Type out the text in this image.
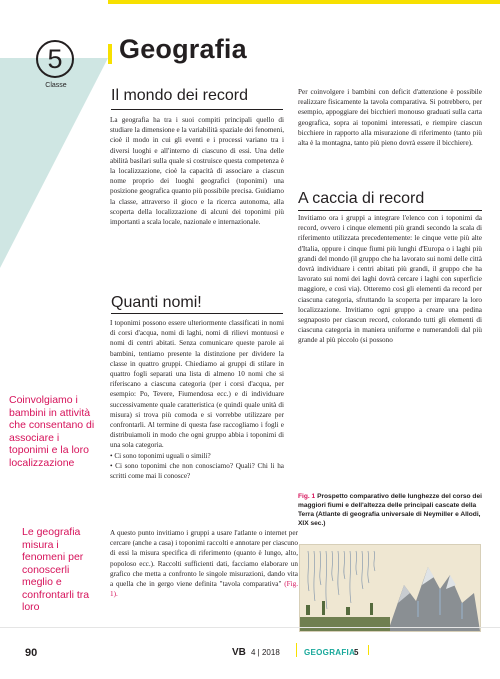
5
Classe
Coinvolgiamo i bambini in attività che consentano di associare i toponimi e la loro localizzazione
Le geografia misura i fenomeni per conoscerli meglio e confrontarli tra loro
Geografia
Il mondo dei record

La geografia ha tra i suoi compiti principali quello di studiare la dimensione e la variabilità spaziale dei fenomeni, cioè il modo in cui gli eventi e i processi variano tra i diversi luoghi e all'interno di ciascuno di essi. Una delle abilità basilari sulla quale si costruisce questa competenza è la localizzazione, cioè la capacità di associare a ciascun nome proprio dei luoghi geografici (toponimi) una posizione geografica quanto più possibile precisa. Guidiamo la classe, attraverso il gioco e la ricerca autonoma, alla scoperta della localizzazione di alcuni dei toponimi più importanti a scala locale, nazionale e internazionale.

Quanti nomi!

I toponimi possono essere ulteriormente classificati in nomi di corsi d'acqua, nomi di laghi, nomi di rilievi montuosi e nomi di centri abitati. Senza comunicare queste parole ai bambini, tentiamo presente la distinzione per dividere la classe in quattro gruppi. Chiediamo ai gruppi di stilare in quattro fogli separati una lista di almeno 10 nomi che si riferiscano a ciascuna categoria (per i corsi d'acqua, per esempio: Po, Tevere, Fiumendosa ecc.) e di individuare successivamente quale caratteristica (e quindi quale unità di misura) si trova più comoda e si vorrebbe utilizzare per confrontarli. Al termine di questa fase raccogliamo i fogli e distribuiamoli in modo che ogni gruppo abbia i toponimi di una sola categoria.

• Ci sono toponimi uguali o simili?

• Ci sono toponimi che non conosciamo? Quali? Chi li ha scritti come mai li conosce?

A questo punto invitiamo i gruppi a usare l'atlante o internet per cercare (anche a casa) i toponimi raccolti e annotare per ciascuno di essi la misura specifica di riferimento (quanto è lungo, alto, popoloso ecc.). Raccolti sufficienti dati, facciamo elaborare un grafico che metta a confronto le singole misurazioni, dando vita a quella che in gergo viene definita "tavola comparativa" (Fig. 1).

Per coinvolgere i bambini con deficit d'attenzione è possibile realizzare fisicamente la tavola comparativa. Si potrebbero, per esempio, appoggiare dei bicchieri monouso graduati sulla carta geografica, sopra ai toponimi interessati, e riempire ciascun bicchiere in rapporto alla misurazione di riferimento (tanto più alta è la montagna, tanto più pieno dovrà essere il bicchiere).

A caccia di record

Invitiamo ora i gruppi a integrare l'elenco con i toponimi da record, ovvero i cinque elementi più grandi secondo la scala di riferimento utilizzata precedentemente: le cinque vette più alte d'Italia, oppure i cinque fiumi più lunghi d'Europa o i laghi più grandi del mondo (il gruppo che ha lavorato sui nomi delle città dovrà individuare i centri abitati più grandi, il gruppo che ha lavorato sui nomi dei laghi dovrà cercare i laghi con superficie maggiore, e così via). Otteremo così gli elementi da record per ciascuna categoria, sfruttando la scoperta per imparare la loro localizzazione. Invitiamo ogni gruppo a creare una pedina segnaposto per ciascun record, colorando tutti gli elementi di ciascuna categoria in maniera uniforme e numerandoli dal più grande al più piccolo (si possono

Fig. 1 Prospetto comparativo delle lunghezze del corso dei maggiori fiumi e dell'altezza delle principali cascate della Terra (Atlante di geografia universale di Neymiller e Allodi, XIX sec.)
90	VB 4 | 2018	GEOGRAFIA
5
